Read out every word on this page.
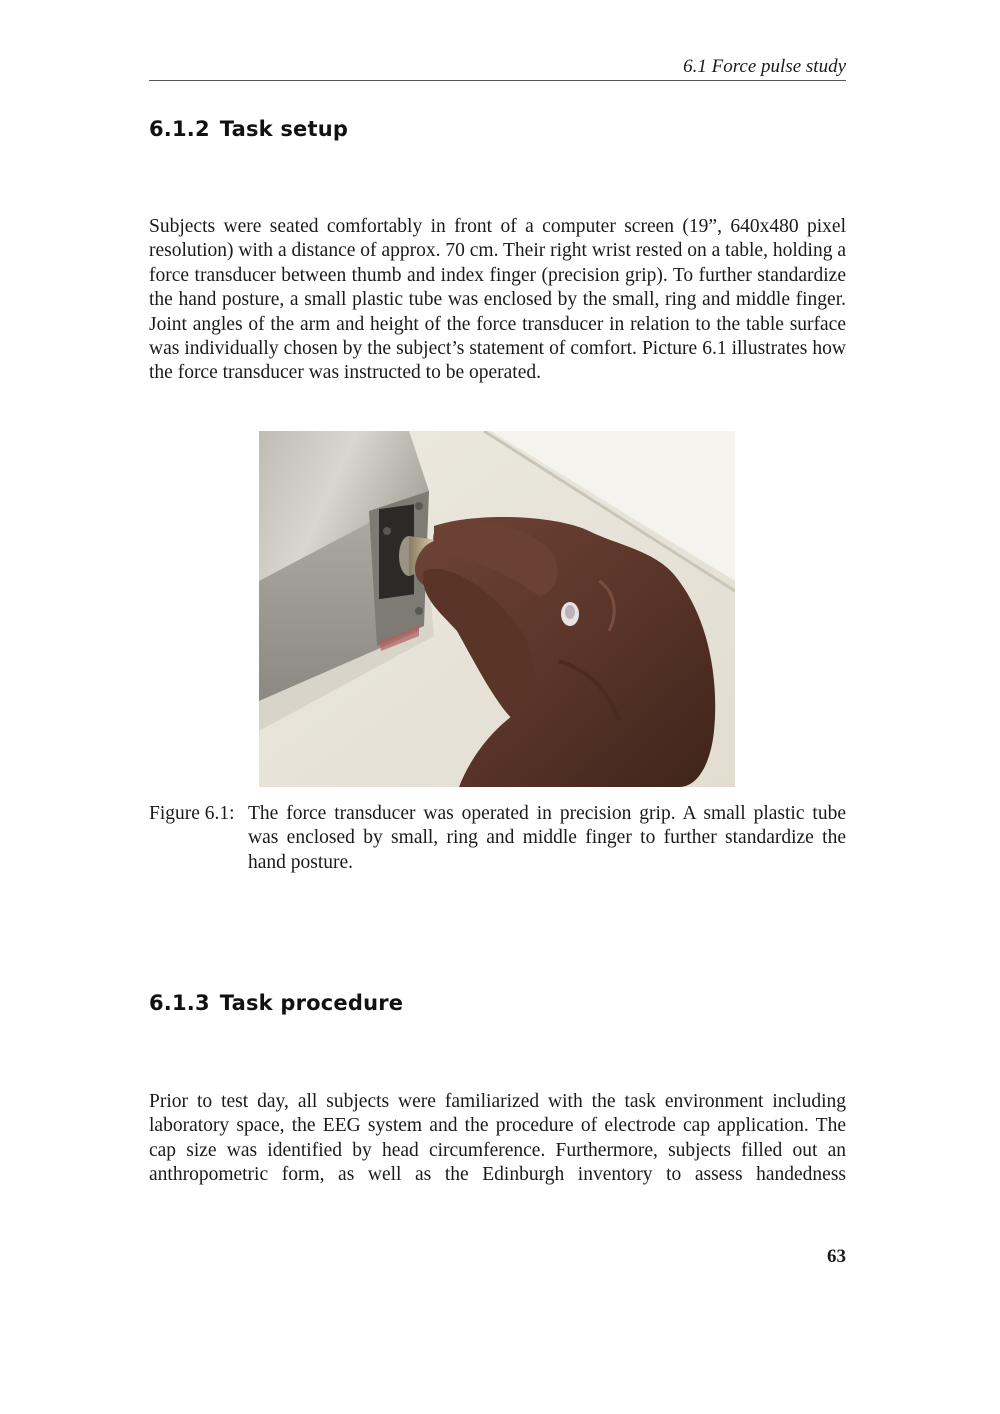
6.1 Force pulse study
6.1.2 Task setup

Subjects were seated comfortably in front of a computer screen (19”, 640x480 pixel resolution) with a distance of approx. 70 cm. Their right wrist rested on a table, holding a force transducer between thumb and index finger (precision grip). To further standardize the hand posture, a small plastic tube was enclosed by the small, ring and middle finger. Joint angles of the arm and height of the force transducer in relation to the table surface was individually chosen by the subject’s statement of comfort. Picture 6.1 illustrates how the force transducer was instructed to be operated.

Figure 6.1: The force transducer was operated in precision grip. A small plastic tube was enclosed by small, ring and middle finger to further standardize the hand posture.
6.1.3 Task procedure

Prior to test day, all subjects were familiarized with the task environment including laboratory space, the EEG system and the procedure of electrode cap application. The cap size was identified by head circumference. Furthermore, subjects filled out an anthropometric form, as well as the Edinburgh inventory to assess handedness

63
